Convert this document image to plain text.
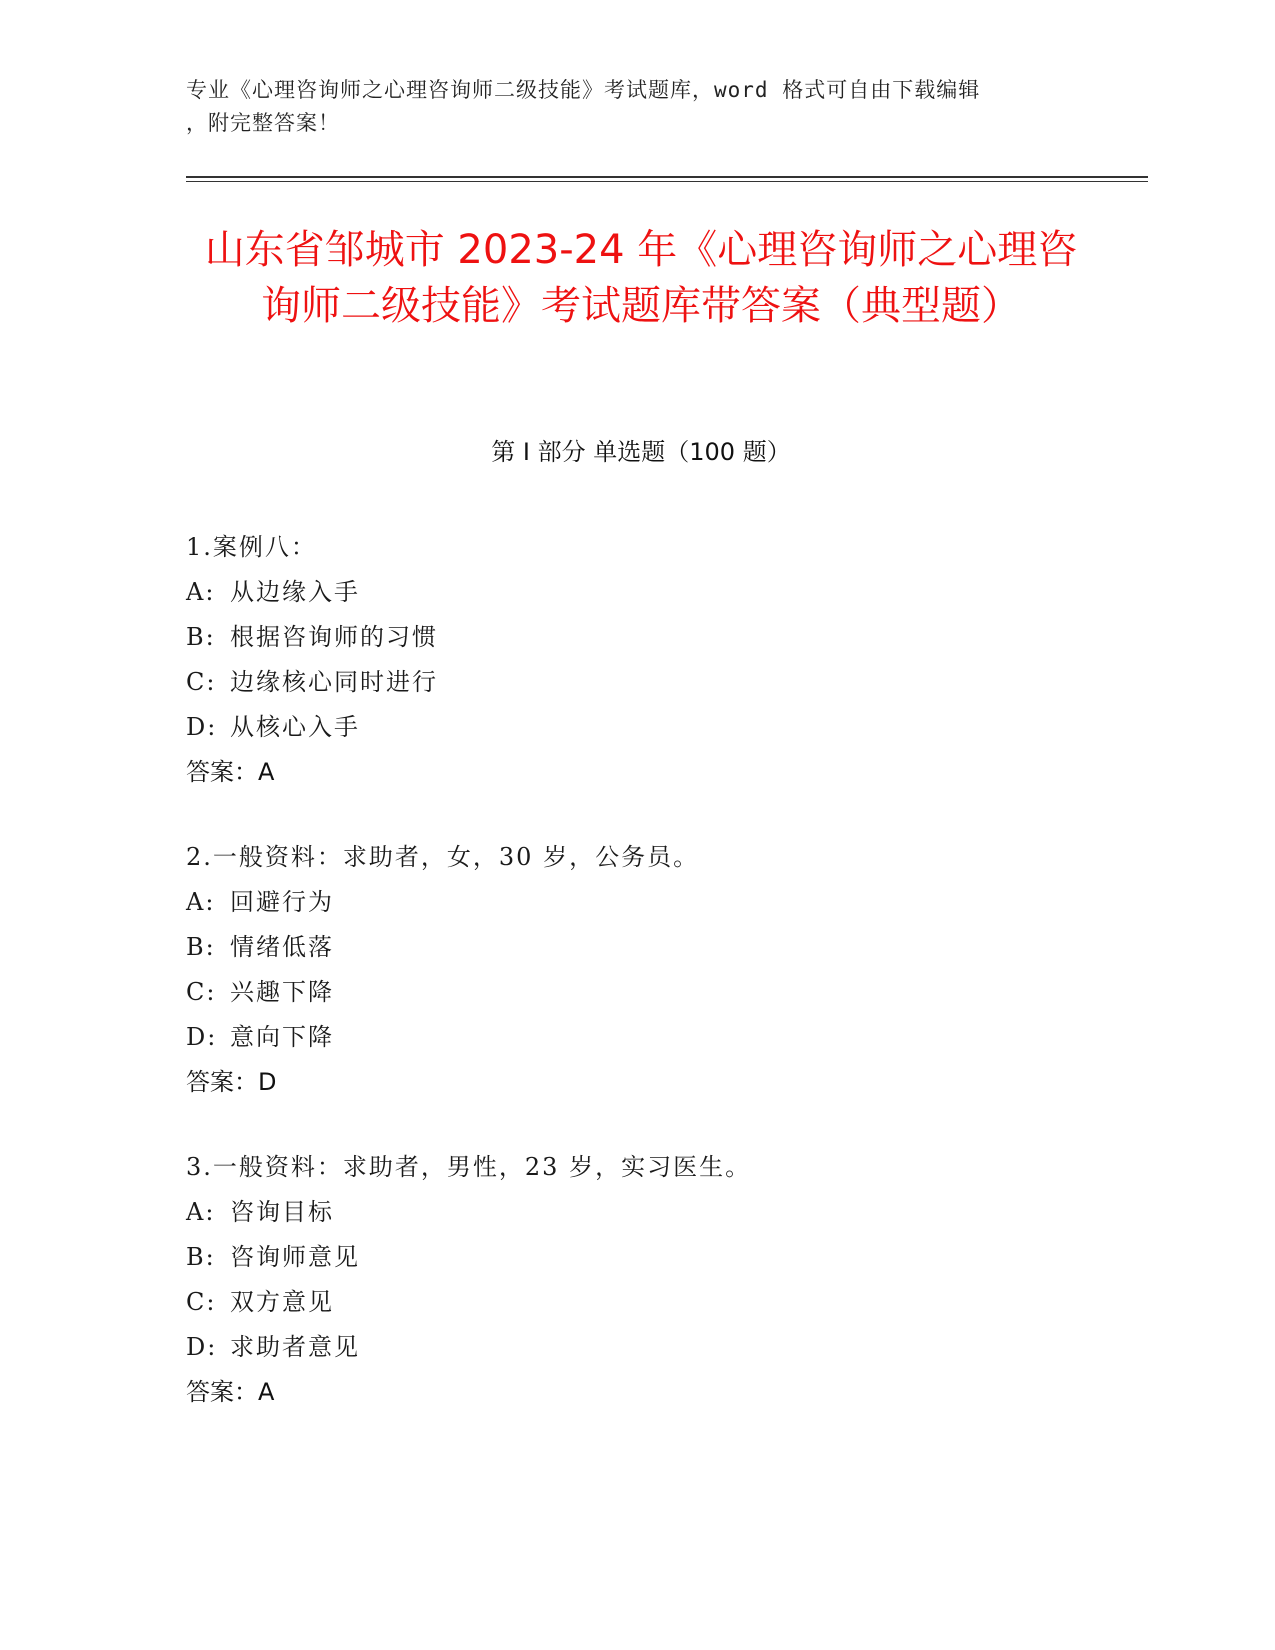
专业《心理咨询师之心理咨询师二级技能》考试题库，word 格式可自由下载编辑
，附完整答案！
山东省邹城市 2023-24 年《心理咨询师之心理咨询师二级技能》考试题库带答案（典型题）
第 I 部分 单选题（100 题）
1.案例八：
A: 从边缘入手
B: 根据咨询师的习惯
C: 边缘核心同时进行
D: 从核心入手
答案：A
2.一般资料：求助者，女，30 岁，公务员。
A: 回避行为
B: 情绪低落
C: 兴趣下降
D: 意向下降
答案：D
3.一般资料：求助者，男性，23 岁，实习医生。
A: 咨询目标
B: 咨询师意见
C: 双方意见
D: 求助者意见
答案：A
